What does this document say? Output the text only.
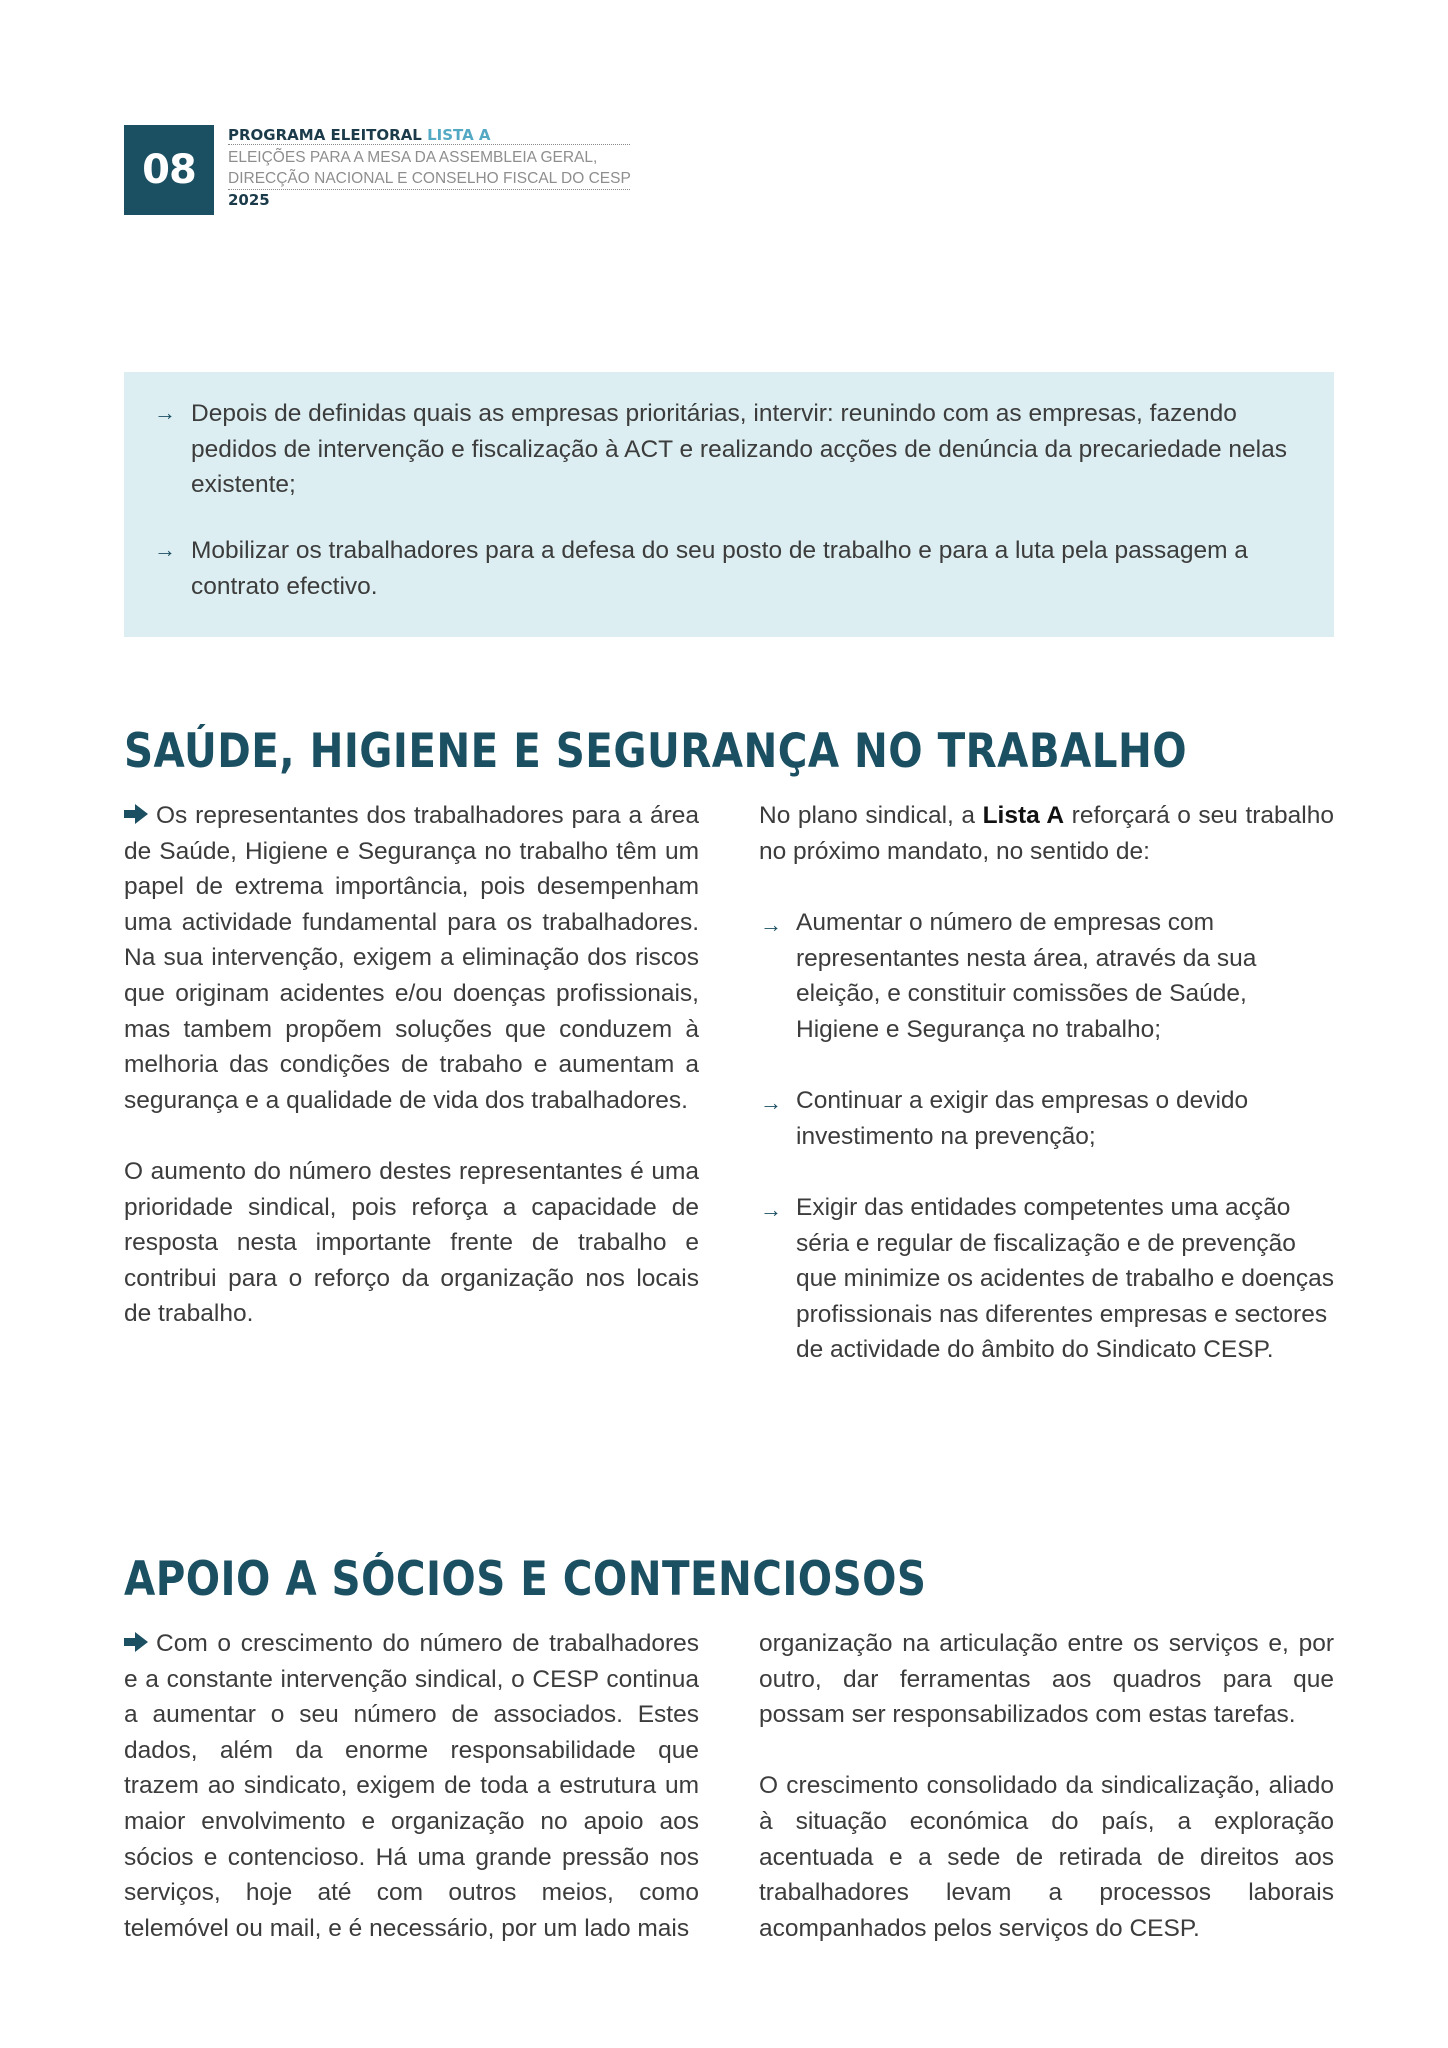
08
PROGRAMA ELEITORAL LISTA A
ELEIÇÕES PARA A MESA DA ASSEMBLEIA GERAL,
DIRECÇÃO NACIONAL E CONSELHO FISCAL DO CESP
2025
→ Depois de definidas quais as empresas prioritárias, intervir: reunindo com as empresas, fazendo pedidos de intervenção e fiscalização à ACT e realizando acções de denúncia da precariedade nelas existente;
→ Mobilizar os trabalhadores para a defesa do seu posto de trabalho e para a luta pela passagem a contrato efectivo.
SAÚDE, HIGIENE E SEGURANÇA NO TRABALHO

Os representantes dos trabalhadores para a área de Saúde, Higiene e Segurança no trabalho têm um papel de extrema importância, pois desempenham uma actividade fundamental para os trabalhadores. Na sua intervenção, exigem a eliminação dos riscos que originam acidentes e/ou doenças profissionais, mas tambem propõem soluções que conduzem à melhoria das condições de trabaho e aumentam a segurança e a qualidade de vida dos trabalhadores.

O aumento do número destes representantes é uma prioridade sindical, pois reforça a capacidade de resposta nesta importante frente de trabalho e contribui para o reforço da organização nos locais de trabalho.

No plano sindical, a Lista A reforçará o seu trabalho no próximo mandato, no sentido de:

→ Aumentar o número de empresas com representantes nesta área, através da sua eleição, e constituir comissões de Saúde, Higiene e Segurança no trabalho;
→ Continuar a exigir das empresas o devido investimento na prevenção;
→ Exigir das entidades competentes uma acção séria e regular de fiscalização e de prevenção que minimize os acidentes de trabalho e doenças profissionais nas diferentes empresas e sectores de actividade do âmbito do Sindicato CESP.
APOIO A SÓCIOS E CONTENCIOSOS

Com o crescimento do número de trabalhadores e a constante intervenção sindical, o CESP continua a aumentar o seu número de associados. Estes dados, além da enorme responsabilidade que trazem ao sindicato, exigem de toda a estrutura um maior envolvimento e organização no apoio aos sócios e contencioso. Há uma grande pressão nos serviços, hoje até com outros meios, como telemóvel ou mail, e é necessário, por um lado mais

organização na articulação entre os serviços e, por outro, dar ferramentas aos quadros para que possam ser responsabilizados com estas tarefas.

O crescimento consolidado da sindicalização, aliado à situação económica do país, a exploração acentuada e a sede de retirada de direitos aos trabalhadores levam a processos laborais acompanhados pelos serviços do CESP.
